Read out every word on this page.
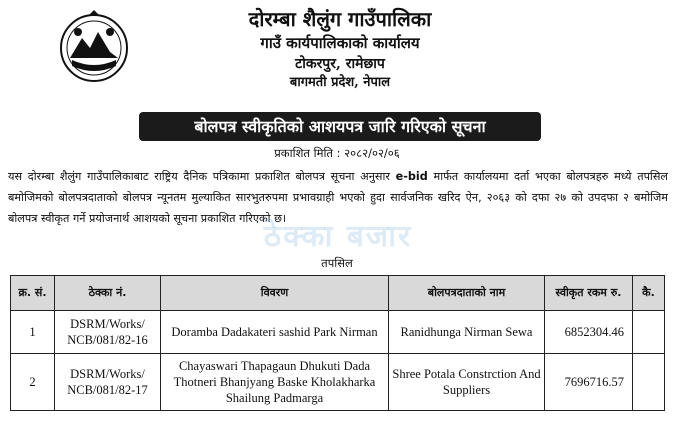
दोरम्बा शैलुंग गाउँपालिका
गाउँ कार्यपालिकाको कार्यालय
टोकरपुर, रामेछाप
बागमती प्रदेश, नेपाल
बोलपत्र स्वीकृतिको आशयपत्र जारि गरिएको सूचना
प्रकाशित मिति : २०८२/०२/०६
यस दोरम्बा शैलुंग गाउँपालिकाबाट राष्ट्रिय दैनिक पत्रिकामा प्रकाशित बोलपत्र सूचना अनुसार e-bid मार्फत कार्यालयमा दर्ता भएका बोलपत्रहरु मध्ये तपसिल बमोजिमको बोलपत्रदाताको बोलपत्र न्यूनतम मुल्याकित सारभुतरुपमा प्रभावग्राही भएको हुदा सार्वजनिक खरिद ऐन, २०६३ को दफा २७ को उपदफा २ बमोजिम बोलपत्र स्वीकृत गर्ने प्रयोजनार्थ आशयको सूचना प्रकाशित गरिएको छ।
ठेक्का बजार
तपसिल
क्र. सं.	ठेक्का नं.	विवरण	बोलपत्रदाताको नाम	स्वीकृत रकम रु.	कै.
1	DSRM/Works/ NCB/081/82-16	Doramba Dadakateri sashid Park Nirman	Ranidhunga Nirman Sewa	6852304.46	
2	DSRM/Works/ NCB/081/82-17	Chayaswari Thapagaun Dhukuti Dada Thotneri Bhanjyang Baske Kholakharka Shailung Padmarga	Shree Potala Constrction And Suppliers	7696716.57	
